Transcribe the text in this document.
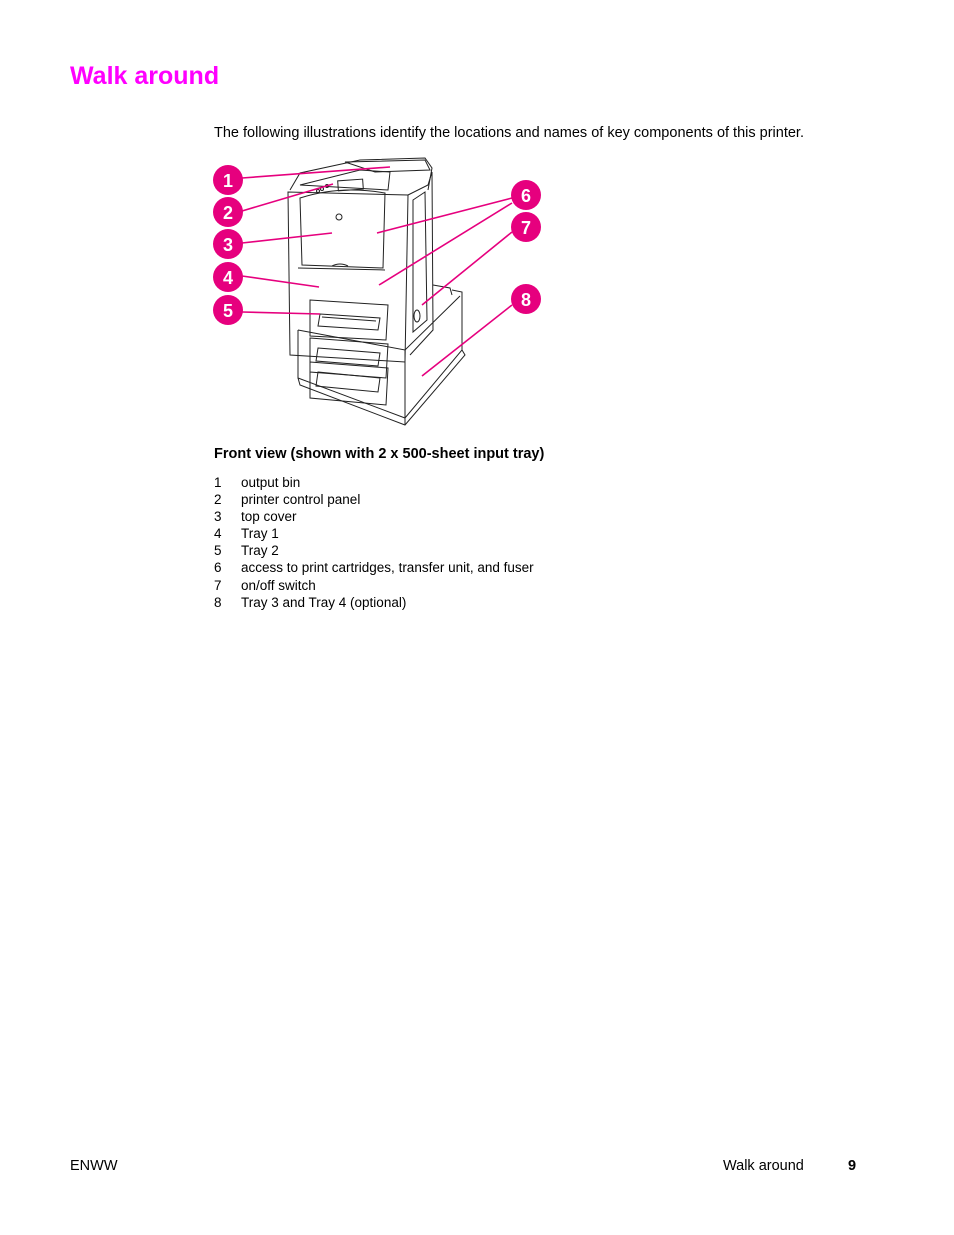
Walk around

The following illustrations identify the locations and names of key components of this printer.

1
2
3
4
5
6
7
8

Front view (shown with 2 x 500-sheet input tray)

1 output bin
2 printer control panel
3 top cover
4 Tray 1
5 Tray 2
6 access to print cartridges, transfer unit, and fuser
7 on/off switch
8 Tray 3 and Tray 4 (optional)

ENWW	Walk around	9
